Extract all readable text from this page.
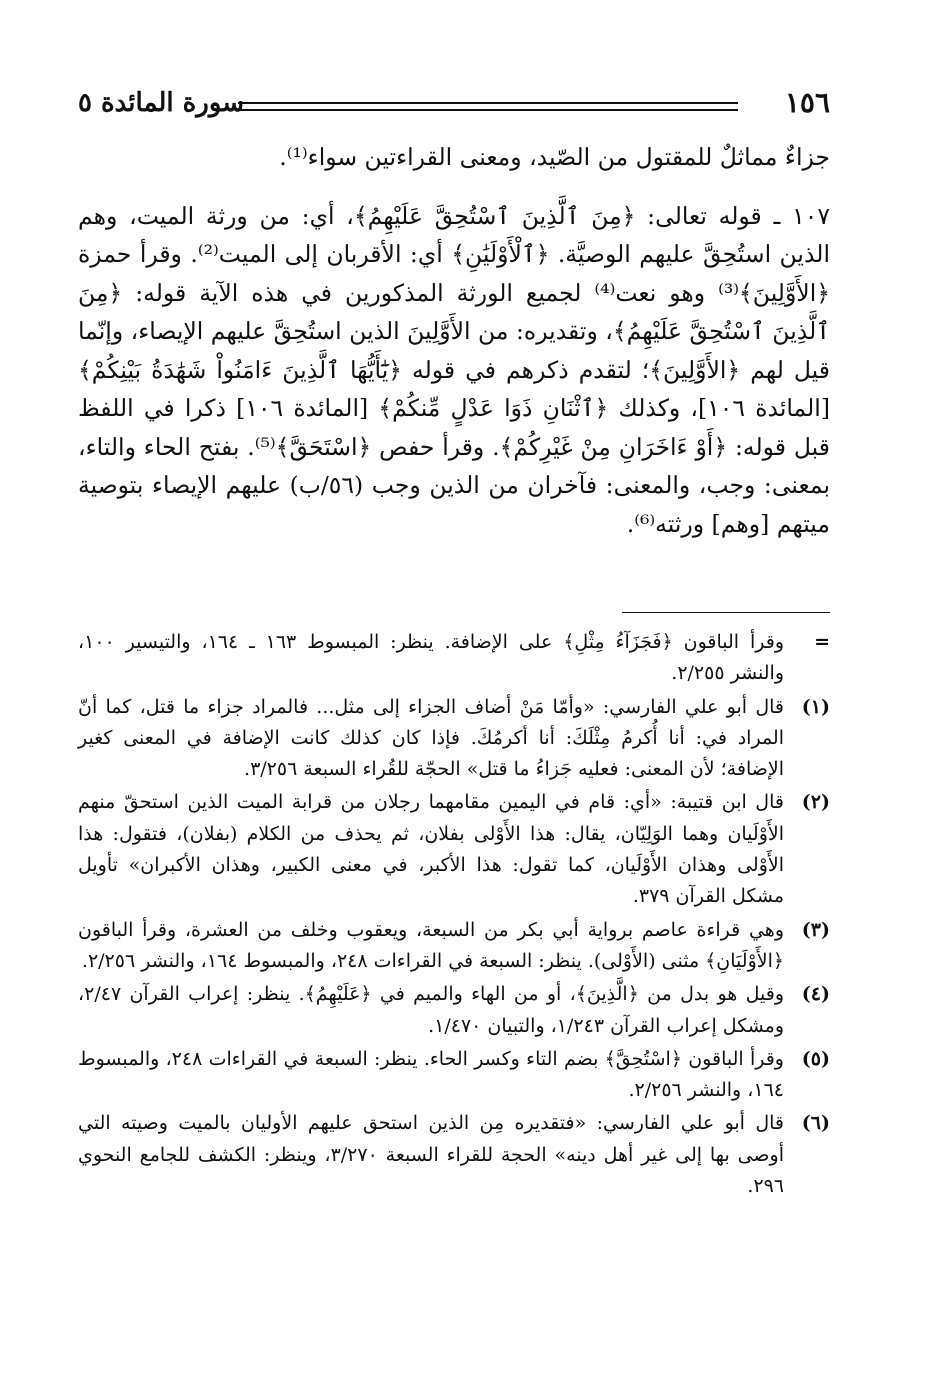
١٥٦
سورة المائدة ٥

جزاءٌ مماثلٌ للمقتول من الصّيد، ومعنى القراءتين سواء⁽¹⁾.

١٠٧ ـ قوله تعالى: ﴿مِنَ ٱلَّذِينَ ٱسْتُحِقَّ عَلَيْهِمُ﴾، أي: من ورثة الميت، وهم الذين استُحِقَّ عليهم الوصيَّة. ﴿ٱلْأَوْلَيَٰنِ﴾ أي: الأقربان إلى الميت⁽²⁾. وقرأ حمزة ﴿الأَوَّلِينَ﴾⁽³⁾ وهو نعت⁽⁴⁾ لجميع الورثة المذكورين في هذه الآية قوله: ﴿مِنَ ٱلَّذِينَ ٱسْتُحِقَّ عَلَيْهِمُ﴾، وتقديره: من الأَوَّلِينَ الذين استُحِقَّ عليهم الإيصاء، وإنّما قيل لهم ﴿الأَوَّلِينَ﴾؛ لتقدم ذكرهم في قوله ﴿يَٰٓأَيُّهَا ٱلَّذِينَ ءَامَنُواْ شَهَٰدَةُ بَيْنِكُمْ﴾ [المائدة ١٠٦]، وكذلك ﴿ٱثْنَانِ ذَوَا عَدْلٍ مِّنكُمْ﴾ [المائدة ١٠٦] ذكرا في اللفظ قبل قوله: ﴿أَوْ ءَاخَرَانِ مِنْ غَيْرِكُمْ﴾. وقرأ حفص ﴿اسْتَحَقَّ﴾⁽⁵⁾. بفتح الحاء والتاء، بمعنى: وجب، والمعنى: فآخران من الذين وجب (٥٦/ب) عليهم الإيصاء بتوصية ميتهم [وهم] ورثته⁽⁶⁾.

=
وقرأ الباقون ﴿فَجَزَآءُ مِثْلِ﴾ على الإضافة. ينظر: المبسوط ١٦٣ ـ ١٦٤، والتيسير ١٠٠، والنشر ٢/٢٥٥.
(١)
قال أبو علي الفارسي: «وأمّا مَنْ أضاف الجزاء إلى مثل... فالمراد جزاء ما قتل، كما أنّ المراد في: أنا أُكرمُ مِثْلَكَ: أنا أكرمُكَ. فإذا كان كذلك كانت الإضافة في المعنى كغير الإضافة؛ لأن المعنى: فعليه جَزاءُ ما قتل» الحجّة للقُراء السبعة ٣/٢٥٦.
(٢)
قال ابن قتيبة: «أي: قام في اليمين مقامهما رجلان من قرابة الميت الذين استحقّ منهم الأَوْلَيان وهما الوَلِيّان، يقال: هذا الأَوْلى بفلان، ثم يحذف من الكلام (بفلان)، فتقول: هذا الأَوْلى وهذان الأَوْلَيان، كما تقول: هذا الأكبر، في معنى الكبير، وهذان الأكبران» تأويل مشكل القرآن ٣٧٩.
(٣)
وهي قراءة عاصم برواية أبي بكر من السبعة، ويعقوب وخلف من العشرة، وقرأ الباقون ﴿الأَوْلَيَانِ﴾ مثنى (الأَوْلى). ينظر: السبعة في القراءات ٢٤٨، والمبسوط ١٦٤، والنشر ٢/٢٥٦.
(٤)
وقيل هو بدل من ﴿الَّذِينَ﴾، أو من الهاء والميم في ﴿عَلَيْهِمُ﴾. ينظر: إعراب القرآن ٢/٤٧، ومشكل إعراب القرآن ١/٢٤٣، والتبيان ١/٤٧٠.
(٥)
وقرأ الباقون ﴿اسْتُحِقَّ﴾ بضم التاء وكسر الحاء. ينظر: السبعة في القراءات ٢٤٨، والمبسوط ١٦٤، والنشر ٢/٢٥٦.
(٦)
قال أبو علي الفارسي: «فتقديره مِن الذين استحق عليهم الأوليان بالميت وصيته التي أوصى بها إلى غير أهل دينه» الحجة للقراء السبعة ٣/٢٧٠، وينظر: الكشف للجامع النحوي ٢٩٦.
